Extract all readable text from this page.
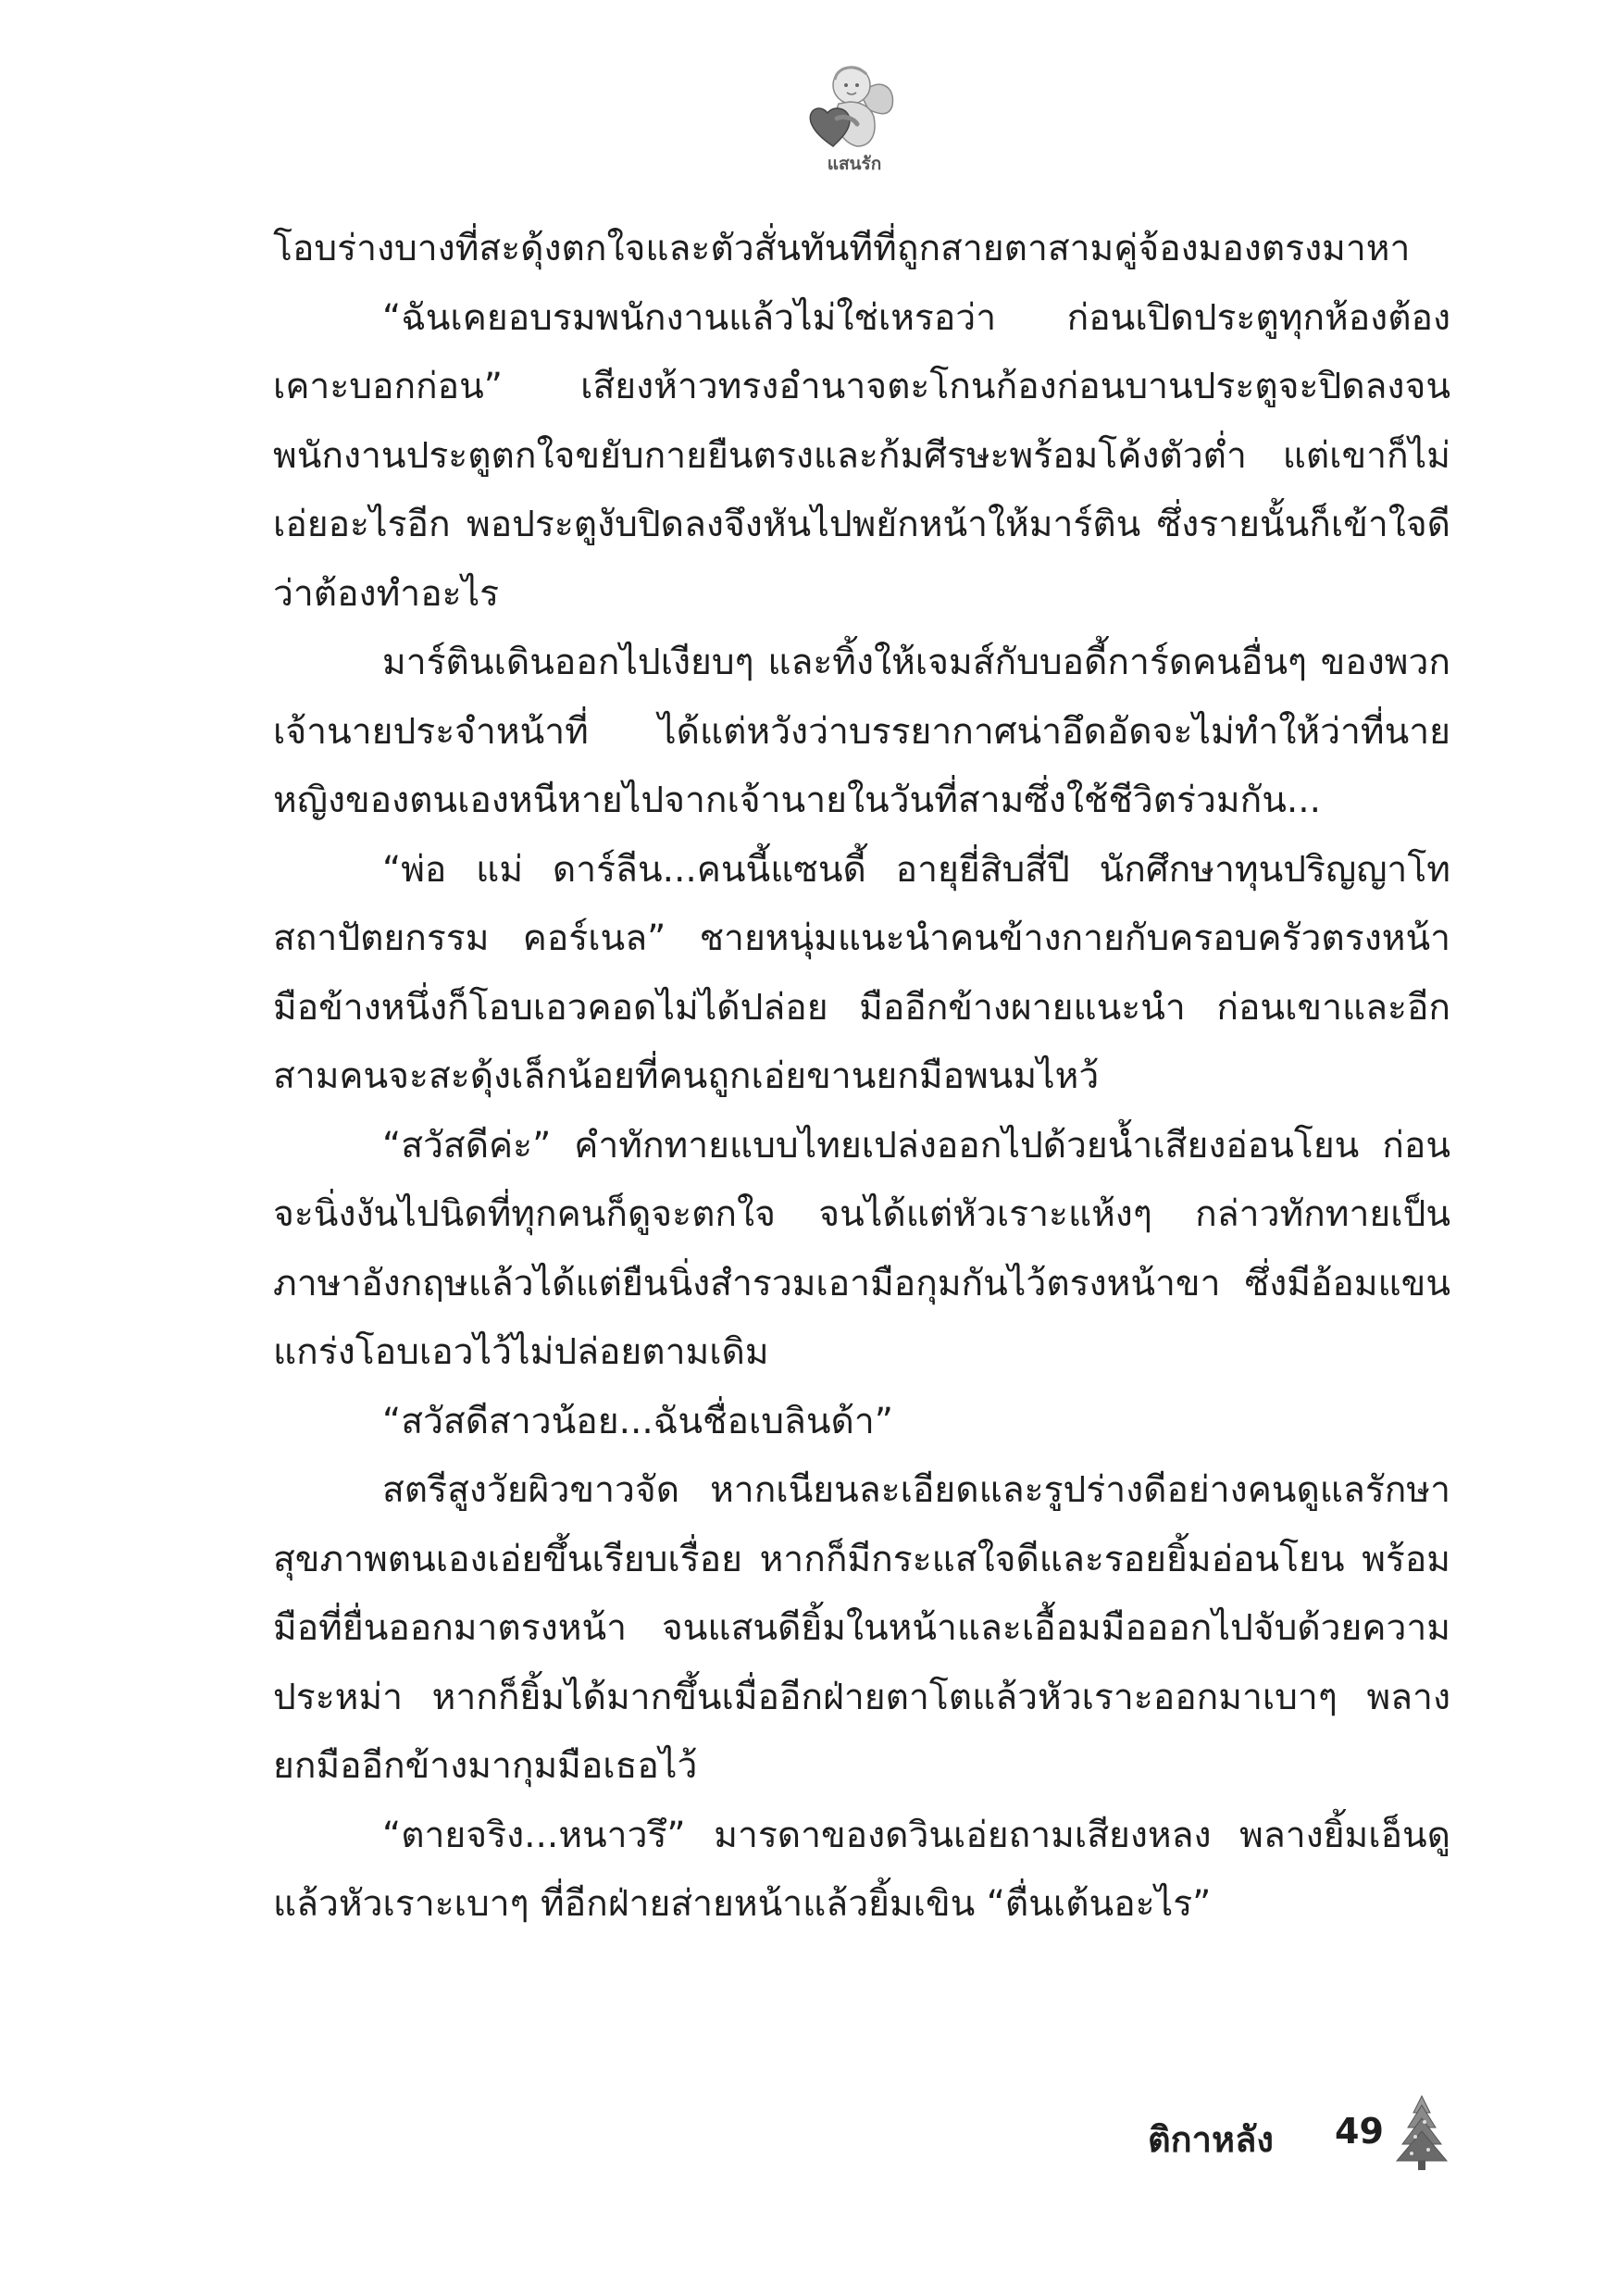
แสนรัก

โอบร่างบางที่สะดุ้งตกใจและตัวสั่นทันทีที่ถูกสายตาสามคู่จ้องมองตรงมาหา

“ฉันเคยอบรมพนักงานแล้วไม่ใช่เหรอว่า ก่อนเปิดประตูทุกห้องต้องเคาะบอกก่อน” เสียงห้าวทรงอำนาจตะโกนก้องก่อนบานประตูจะปิดลงจนพนักงานประตูตกใจขยับกายยืนตรงและก้มศีรษะพร้อมโค้งตัวต่ำ แต่เขาก็ไม่เอ่ยอะไรอีก พอประตูงับปิดลงจึงหันไปพยักหน้าให้มาร์ติน ซึ่งรายนั้นก็เข้าใจดีว่าต้องทำอะไร

มาร์ตินเดินออกไปเงียบๆ และทิ้งให้เจมส์กับบอดี้การ์ดคนอื่นๆ ของพวกเจ้านายประจำหน้าที่ ได้แต่หวังว่าบรรยากาศน่าอึดอัดจะไม่ทำให้ว่าที่นายหญิงของตนเองหนีหายไปจากเจ้านายในวันที่สามซึ่งใช้ชีวิตร่วมกัน...

“พ่อ แม่ ดาร์ลีน...คนนี้แซนดี้ อายุยี่สิบสี่ปี นักศึกษาทุนปริญญาโทสถาปัตยกรรม คอร์เนล” ชายหนุ่มแนะนำคนข้างกายกับครอบครัวตรงหน้า มือข้างหนึ่งก็โอบเอวคอดไม่ได้ปล่อย มืออีกข้างผายแนะนำ ก่อนเขาและอีกสามคนจะสะดุ้งเล็กน้อยที่คนถูกเอ่ยขานยกมือพนมไหว้

“สวัสดีค่ะ” คำทักทายแบบไทยเปล่งออกไปด้วยน้ำเสียงอ่อนโยน ก่อนจะนิ่งงันไปนิดที่ทุกคนก็ดูจะตกใจ จนได้แต่หัวเราะแห้งๆ กล่าวทักทายเป็นภาษาอังกฤษแล้วได้แต่ยืนนิ่งสำรวมเอามือกุมกันไว้ตรงหน้าขา ซึ่งมีอ้อมแขนแกร่งโอบเอวไว้ไม่ปล่อยตามเดิม

“สวัสดีสาวน้อย...ฉันชื่อเบลินด้า”

สตรีสูงวัยผิวขาวจัด หากเนียนละเอียดและรูปร่างดีอย่างคนดูแลรักษาสุขภาพตนเองเอ่ยขึ้นเรียบเรื่อย หากก็มีกระแสใจดีและรอยยิ้มอ่อนโยน พร้อมมือที่ยื่นออกมาตรงหน้า จนแสนดียิ้มในหน้าและเอื้อมมือออกไปจับด้วยความประหม่า หากก็ยิ้มได้มากขึ้นเมื่ออีกฝ่ายตาโตแล้วหัวเราะออกมาเบาๆ พลางยกมืออีกข้างมากุมมือเธอไว้

“ตายจริง...หนาวรึ” มารดาของดวินเอ่ยถามเสียงหลง พลางยิ้มเอ็นดูแล้วหัวเราะเบาๆ ที่อีกฝ่ายส่ายหน้าแล้วยิ้มเขิน “ตื่นเต้นอะไร”

ติกาหลัง 49
